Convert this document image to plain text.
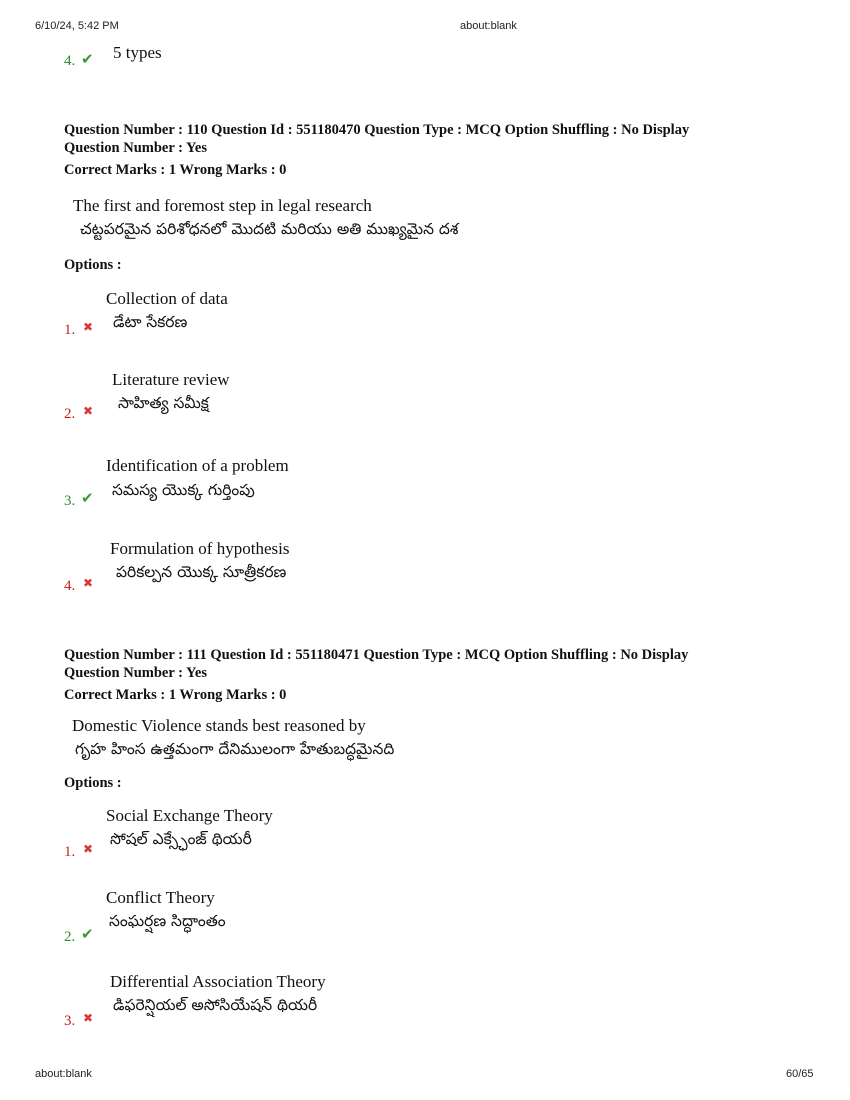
6/10/24, 5:42 PM	about:blank
about:blank	60/65
4. ✔ 5 types
Question Number : 110 Question Id : 551180470 Question Type : MCQ Option Shuffling : No Display
Question Number : Yes
Correct Marks : 1 Wrong Marks : 0
The first and foremost step in legal research
చట్టపరమైన పరిశోధనలో మొదటి మరియు అతి ముఖ్యమైన దశ
Options :
Collection of data
డేటా సేకరణ
1. ✖
Literature review
సాహిత్య సమీక్ష
2. ✖
Identification of a problem
సమస్య యొక్క గుర్తింపు
3. ✔
Formulation of hypothesis
పరికల్పన యొక్క సూత్రీకరణ
4. ✖
Question Number : 111 Question Id : 551180471 Question Type : MCQ Option Shuffling : No Display
Question Number : Yes
Correct Marks : 1 Wrong Marks : 0
Domestic Violence stands best reasoned by
గృహ హింస ఉత్తమంగా దేనిములంగా హేతుబద్ధమైనది
Options :
Social Exchange Theory
సోషల్ ఎక్స్ఛేంజ్ థియరీ
1. ✖
Conflict Theory
సంఘర్షణ సిద్ధాంతం
2. ✔
Differential Association Theory
డిఫరెన్షియల్ అసోసియేషన్ థియరీ
3. ✖
